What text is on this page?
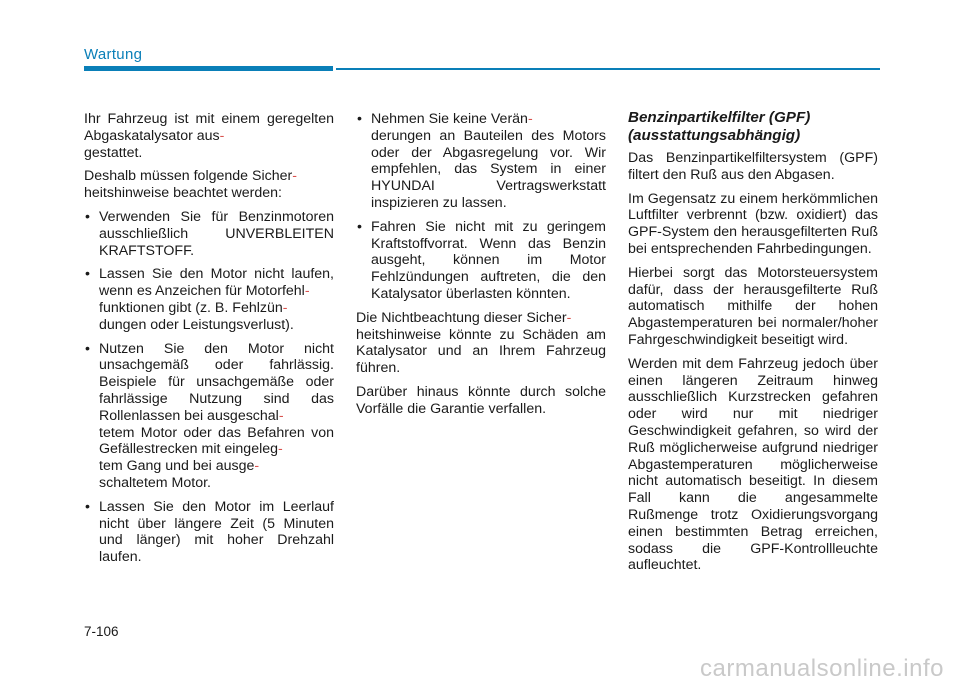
Wartung

Ihr Fahrzeug ist mit einem geregelten Abgaskatalysator aus-
gestattet.

Deshalb müssen folgende Sicher-
heitshinweise beachtet werden:

• Verwenden Sie für Benzinmotoren ausschließlich UNVERBLEITEN KRAFTSTOFF.
• Lassen Sie den Motor nicht laufen, wenn es Anzeichen für Motorfehl-
funktionen gibt (z. B. Fehlzün-
dungen oder Leistungsverlust).
• Nutzen Sie den Motor nicht unsachgemäß oder fahrlässig. Beispiele für unsachgemäße oder fahrlässige Nutzung sind das Rollenlassen bei ausgeschal-
tetem Motor oder das Befahren von Gefällestrecken mit eingeleg-
tem Gang und bei ausge-
schaltetem Motor.
• Lassen Sie den Motor im Leerlauf nicht über längere Zeit (5 Minuten und länger) mit hoher Drehzahl laufen.
• Nehmen Sie keine Verän-
derungen an Bauteilen des Motors oder der Abgasregelung vor. Wir empfehlen, das System in einer HYUNDAI Vertragswerkstatt inspizieren zu lassen.
• Fahren Sie nicht mit zu geringem Kraftstoffvorrat. Wenn das Benzin ausgeht, können im Motor Fehlzündungen auftreten, die den Katalysator überlasten könnten.

Die Nichtbeachtung dieser Sicher-
heitshinweise könnte zu Schäden am Katalysator und an Ihrem Fahrzeug führen.

Darüber hinaus könnte durch solche Vorfälle die Garantie verfallen.

Benzinpartikelfilter (GPF)
(ausstattungsabhängig)

Das Benzinpartikelfiltersystem (GPF) filtert den Ruß aus den Abgasen.

Im Gegensatz zu einem herkömmlichen Luftfilter verbrennt (bzw. oxidiert) das GPF-System den herausgefilterten Ruß bei entsprechenden Fahrbedingungen.

Hierbei sorgt das Motorsteuersystem dafür, dass der herausgefilterte Ruß automatisch mithilfe der hohen Abgastemperaturen bei normaler/hoher Fahrgeschwindigkeit beseitigt wird.

Werden mit dem Fahrzeug jedoch über einen längeren Zeitraum hinweg ausschließlich Kurzstrecken gefahren oder wird nur mit niedriger Geschwindigkeit gefahren, so wird der Ruß möglicherweise aufgrund niedriger Abgastemperaturen möglicherweise nicht automatisch beseitigt. In diesem Fall kann die angesammelte Rußmenge trotz Oxidierungsvorgang einen bestimmten Betrag erreichen, sodass die GPF-Kontrollleuchte aufleuchtet.

7-106
carmanualsonline.info
